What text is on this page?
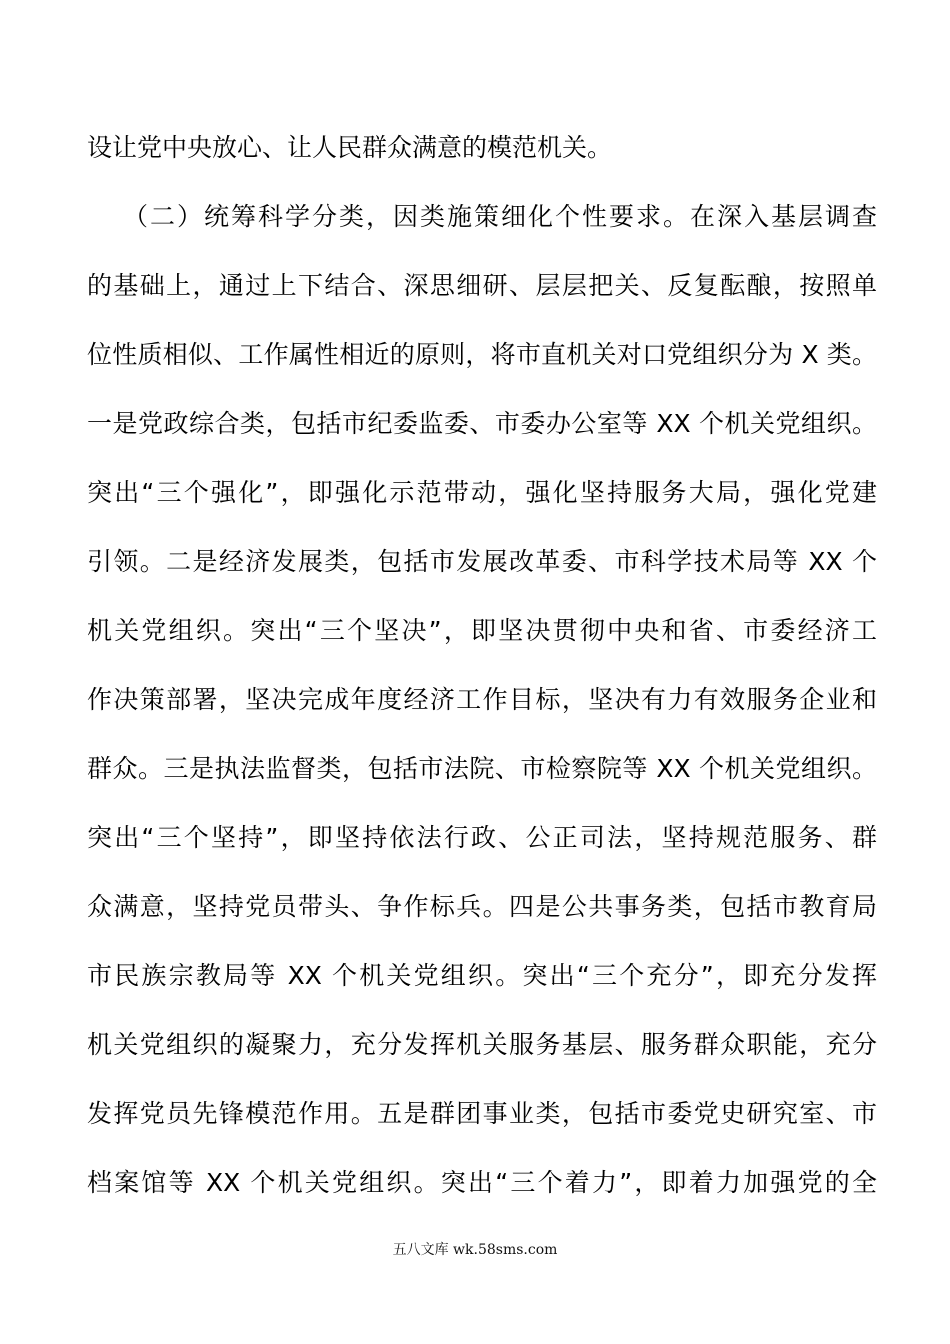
设让党中央放心、让人民群众满意的模范机关。
（二）统筹科学分类，因类施策细化个性要求。在深入基层调查
的基础上，通过上下结合、深思细研、层层把关、反复酝酿，按照单
位性质相似、工作属性相近的原则，将市直机关对口党组织分为 X 类。
一是党政综合类，包括市纪委监委、市委办公室等 XX 个机关党组织。
突出“三个强化”，即强化示范带动，强化坚持服务大局，强化党建
引领。二是经济发展类，包括市发展改革委、市科学技术局等 XX 个
机关党组织。突出“三个坚决”，即坚决贯彻中央和省、市委经济工
作决策部署，坚决完成年度经济工作目标，坚决有力有效服务企业和
群众。三是执法监督类，包括市法院、市检察院等 XX 个机关党组织。
突出“三个坚持”，即坚持依法行政、公正司法，坚持规范服务、群
众满意，坚持党员带头、争作标兵。四是公共事务类，包括市教育局
市民族宗教局等 XX 个机关党组织。突出“三个充分”，即充分发挥
机关党组织的凝聚力，充分发挥机关服务基层、服务群众职能，充分
发挥党员先锋模范作用。五是群团事业类，包括市委党史研究室、市
档案馆等 XX 个机关党组织。突出“三个着力”，即着力加强党的全
五八文库 wk.58sms.com
